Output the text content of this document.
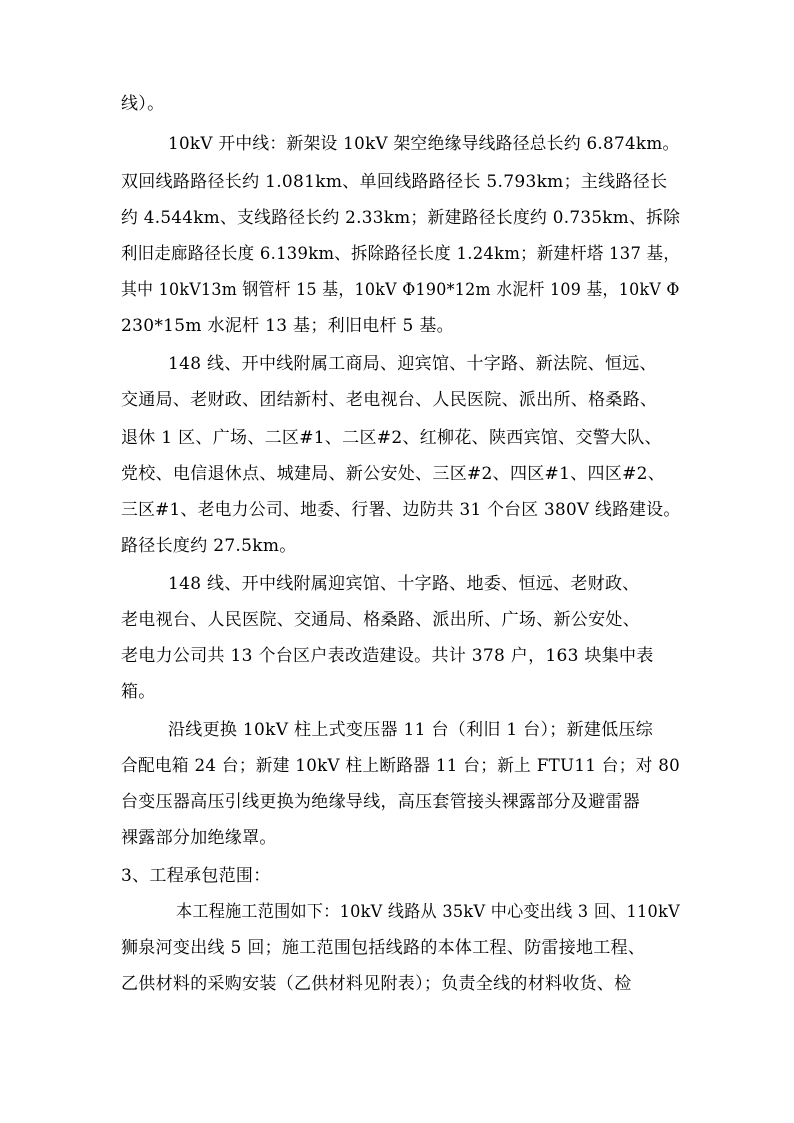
线）。
10kV 开中线：新架设 10kV 架空绝缘导线路径总长约 6.874km。
双回线路路径长约 1.081km、单回线路路径长 5.793km；主线路径长
约 4.544km、支线路径长约 2.33km；新建路径长度约 0.735km、拆除
利旧走廊路径长度 6.139km、拆除路径长度 1.24km；新建杆塔 137 基，
其中 10kV13m 钢管杆 15 基，10kV Φ190*12m 水泥杆 109 基，10kV Φ
230*15m 水泥杆 13 基；利旧电杆 5 基。
148 线、开中线附属工商局、迎宾馆、十字路、新法院、恒远、
交通局、老财政、团结新村、老电视台、人民医院、派出所、格桑路、
退休 1 区、广场、二区#1、二区#2、红柳花、陕西宾馆、交警大队、
党校、电信退休点、城建局、新公安处、三区#2、四区#1、四区#2、
三区#1、老电力公司、地委、行署、边防共 31 个台区 380V 线路建设。
路径长度约 27.5km。
148 线、开中线附属迎宾馆、十字路、地委、恒远、老财政、
老电视台、人民医院、交通局、格桑路、派出所、广场、新公安处、
老电力公司共 13 个台区户表改造建设。共计 378 户，163 块集中表
箱。
沿线更换 10kV 柱上式变压器 11 台（利旧 1 台）；新建低压综
合配电箱 24 台；新建 10kV 柱上断路器 11 台；新上 FTU11 台；对 80
台变压器高压引线更换为绝缘导线，高压套管接头裸露部分及避雷器
裸露部分加绝缘罩。
3、工程承包范围：
本工程施工范围如下：10kV 线路从 35kV 中心变出线 3 回、110kV
狮泉河变出线 5 回；施工范围包括线路的本体工程、防雷接地工程、
乙供材料的采购安装（乙供材料见附表）；负责全线的材料收货、检
